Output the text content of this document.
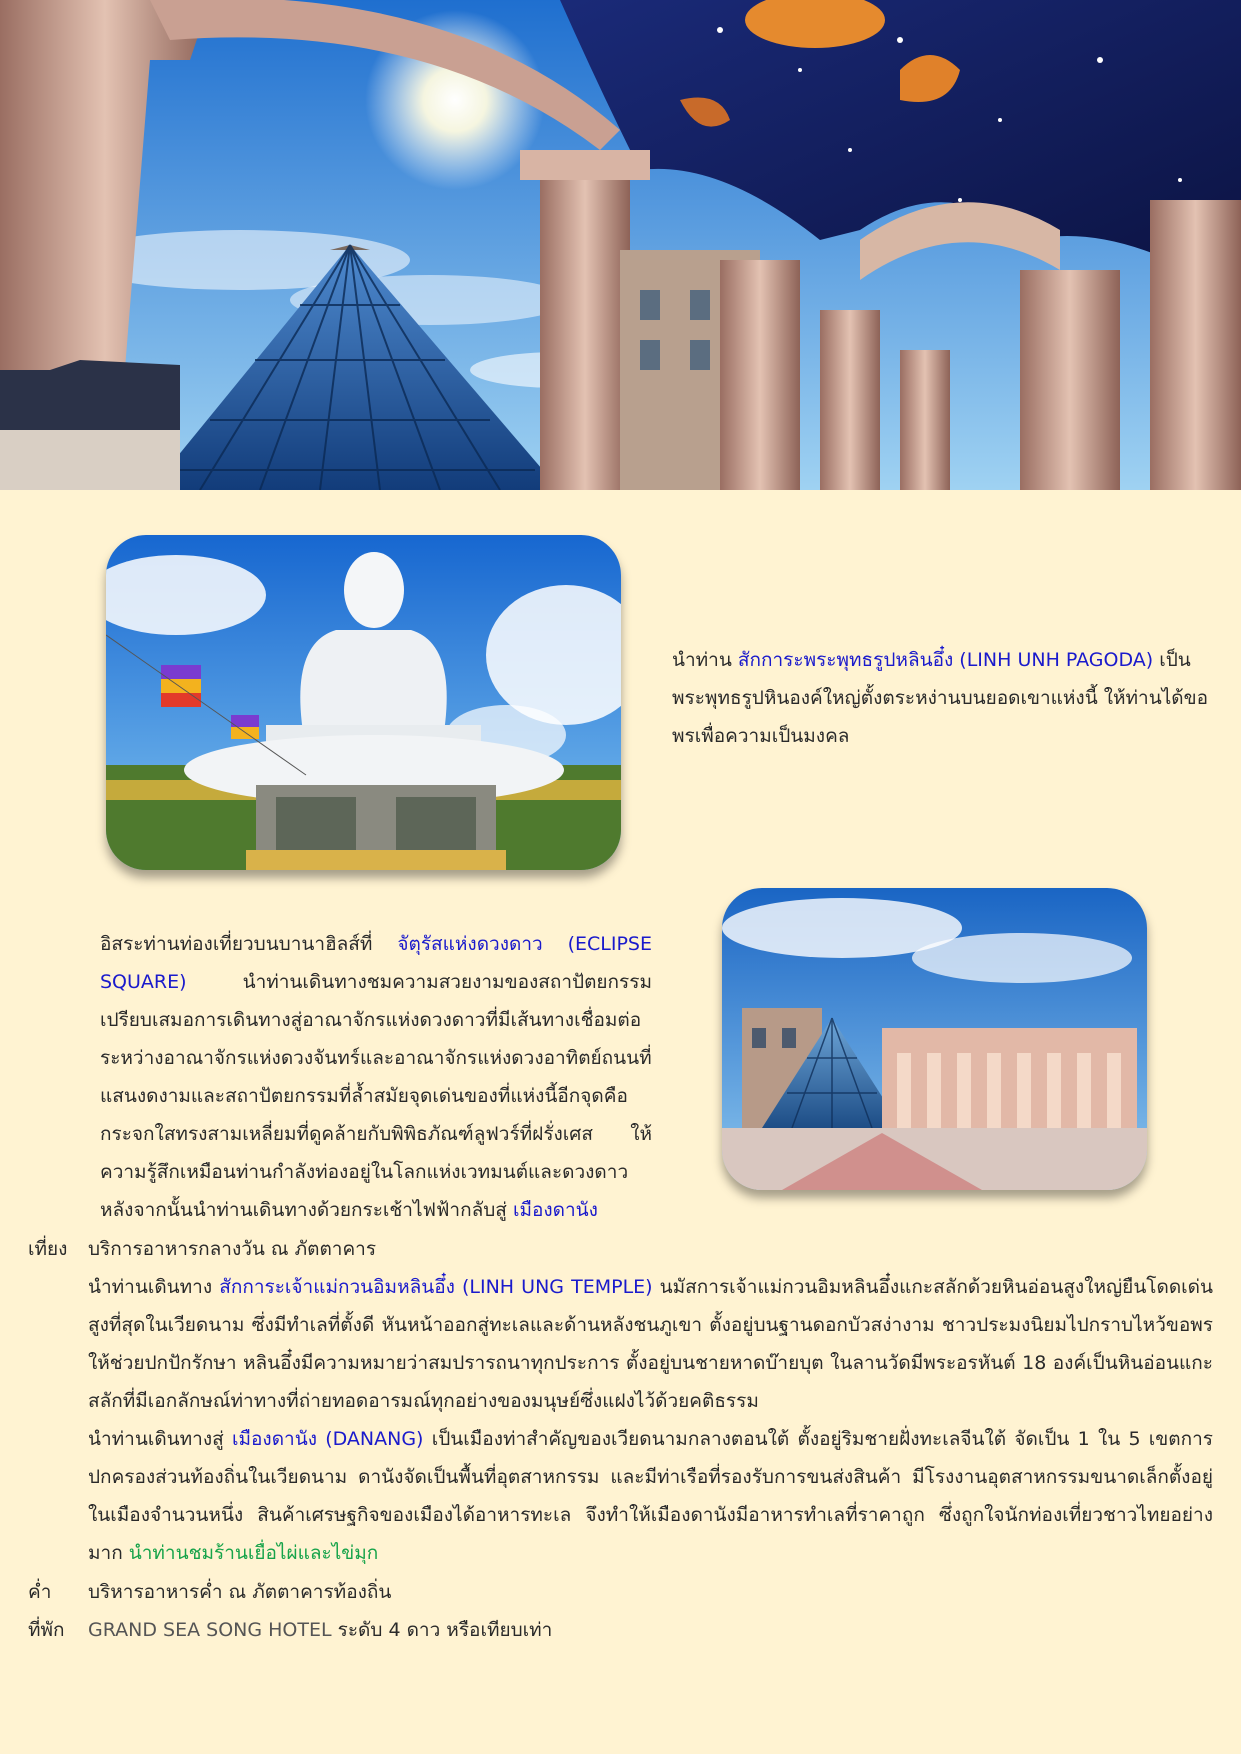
นำท่าน สักการะพระพุทธรูปหลินอึ๋ง (LINH UNH PAGODA) เป็นพระพุทธรูปหินองค์ใหญ่ตั้งตระหง่านบนยอดเขาแห่งนี้ ให้ท่านได้ขอพรเพื่อความเป็นมงคล
อิสระท่านท่องเที่ยวบนบานาฮิลส์ที่ จัตุรัสแห่งดวงดาว (ECLIPSE SQUARE) นำท่านเดินทางชมความสวยงามของสถาปัตยกรรม เปรียบเสมอการเดินทางสู่อาณาจักรแห่งดวงดาวที่มีเส้นทางเชื่อมต่อระหว่างอาณาจักรแห่งดวงจันทร์และอาณาจักรแห่งดวงอาทิตย์ถนนที่แสนงดงามและสถาปัตยกรรมที่ล้ำสมัยจุดเด่นของที่แห่งนี้อีกจุดคือกระจกใสทรงสามเหลี่ยมที่ดูคล้ายกับพิพิธภัณฑ์ลูฟวร์ที่ฝรั่งเศส ให้ความรู้สึกเหมือนท่านกำลังท่องอยู่ในโลกแห่งเวทมนต์และดวงดาว หลังจากนั้นนำท่านเดินทางด้วยกระเช้าไฟฟ้ากลับสู่ เมืองดานัง
เที่ยง	บริการอาหารกลางวัน ณ ภัตตาคาร
นำท่านเดินทาง สักการะเจ้าแม่กวนอิมหลินอึ๋ง (LINH UNG TEMPLE) นมัสการเจ้าแม่กวนอิมหลินอึ๋งแกะสลักด้วยหินอ่อนสูงใหญ่ยืนโดดเด่นสูงที่สุดในเวียดนาม ซึ่งมีทำเลที่ตั้งดี หันหน้าออกสู่ทะเลและด้านหลังชนภูเขา ตั้งอยู่บนฐานดอกบัวสง่างาม ชาวประมงนิยมไปกราบไหว้ขอพรให้ช่วยปกปักรักษา หลินอึ๋งมีความหมายว่าสมปรารถนาทุกประการ ตั้งอยู่บนชายหาดบ๊ายบุต ในลานวัดมีพระอรหันต์ 18 องค์เป็นหินอ่อนแกะสลักที่มีเอกลักษณ์ท่าทางที่ถ่ายทอดอารมณ์ทุกอย่างของมนุษย์ซึ่งแฝงไว้ด้วยคติธรรม
นำท่านเดินทางสู่ เมืองดานัง (DANANG) เป็นเมืองท่าสำคัญของเวียดนามกลางตอนใต้ ตั้งอยู่ริมชายฝั่งทะเลจีนใต้ จัดเป็น 1 ใน 5 เขตการปกครองส่วนท้องถิ่นในเวียดนาม ดานังจัดเป็นพื้นที่อุตสาหกรรม และมีท่าเรือที่รองรับการขนส่งสินค้า มีโรงงานอุตสาหกรรมขนาดเล็กตั้งอยู่ในเมืองจำนวนหนึ่ง สินค้าเศรษฐกิจของเมืองได้อาหารทะเล จึงทำให้เมืองดานังมีอาหารทำเลที่ราคาถูก ซึ่งถูกใจนักท่องเที่ยวชาวไทยอย่างมาก นำท่านชมร้านเยื่อไผ่และไข่มุก
ค่ำ	บริหารอาหารค่ำ ณ ภัตตาคารท้องถิ่น
ที่พัก	GRAND SEA SONG HOTEL ระดับ 4 ดาว หรือเทียบเท่า
